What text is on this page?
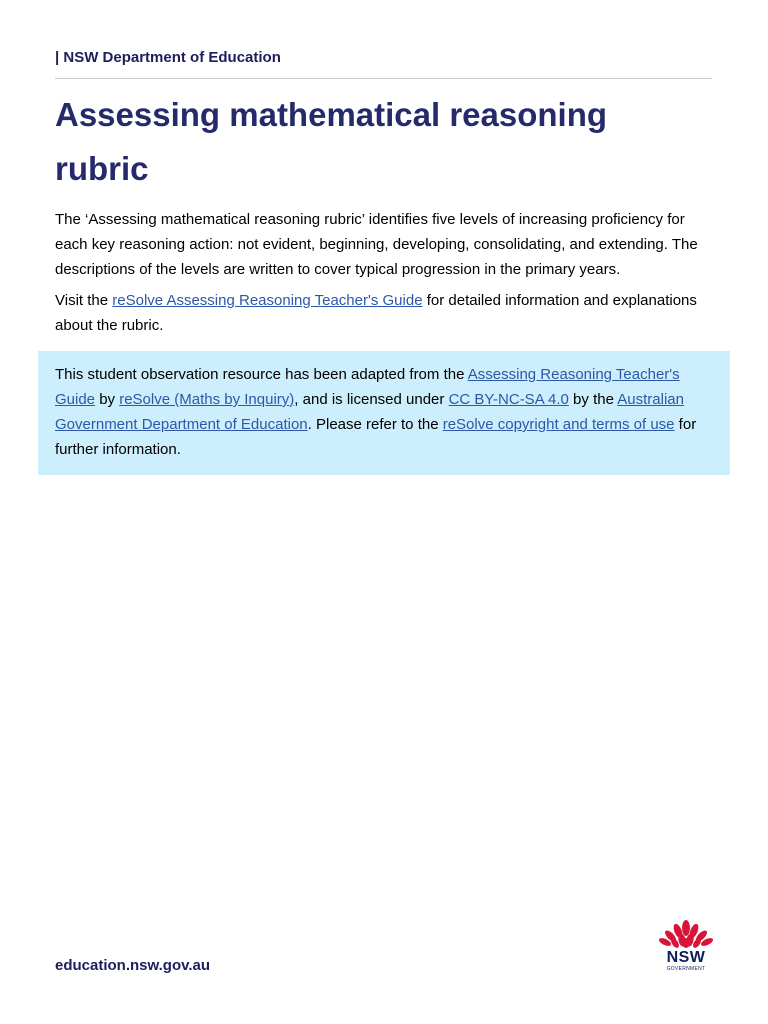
| NSW Department of Education
Assessing mathematical reasoning rubric

The ‘Assessing mathematical reasoning rubric’ identifies five levels of increasing proficiency for each key reasoning action: not evident, beginning, developing, consolidating, and extending. The descriptions of the levels are written to cover typical progression in the primary years.

Visit the reSolve Assessing Reasoning Teacher's Guide for detailed information and explanations about the rubric.

This student observation resource has been adapted from the Assessing Reasoning Teacher's Guide by reSolve (Maths by Inquiry), and is licensed under CC BY-NC-SA 4.0 by the Australian Government Department of Education. Please refer to the reSolve copyright and terms of use for further information.

education.nsw.gov.au	NSW
GOVERNMENT
